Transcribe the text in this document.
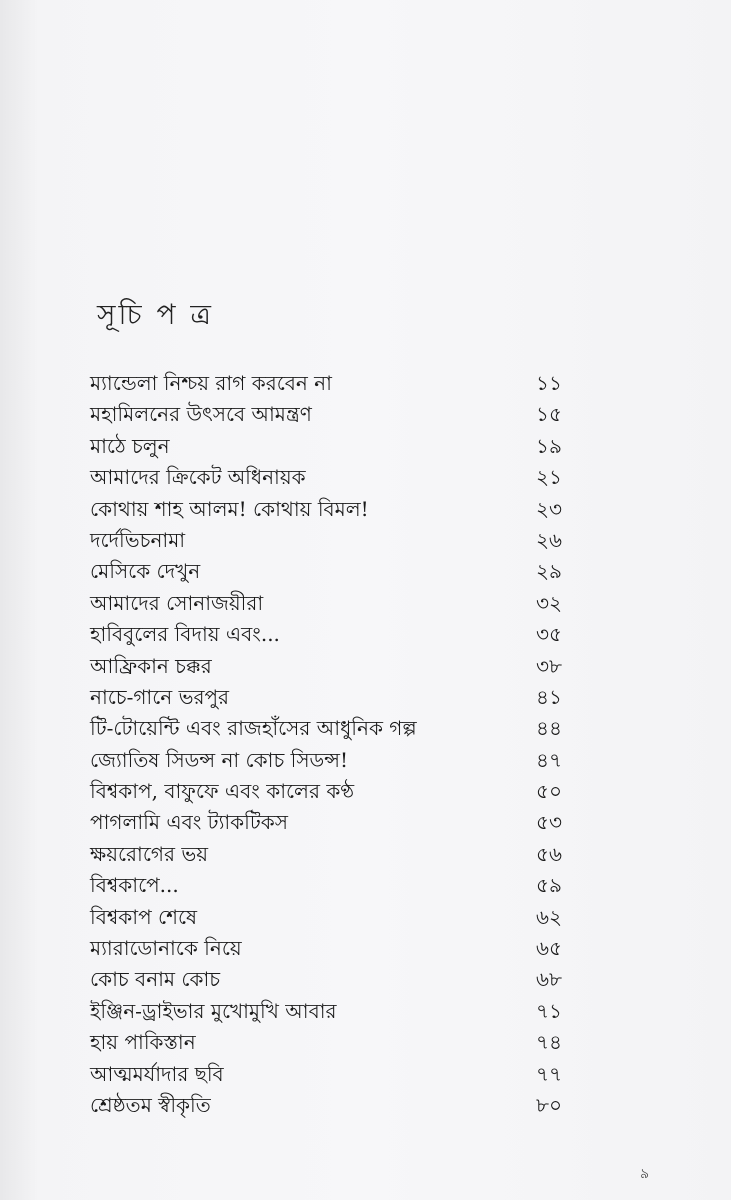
সূচি প ত্র
ম্যান্ডেলা নিশ্চয় রাগ করবেন না	১১
মহামিলনের উৎসবে আমন্ত্রণ	১৫
মাঠে চলুন	১৯
আমাদের ক্রিকেট অধিনায়ক	২১
কোথায় শাহ আলম! কোথায় বিমল!	২৩
দর্দেভিচনামা	২৬
মেসিকে দেখুন	২৯
আমাদের সোনাজয়ীরা	৩২
হাবিবুলের বিদায় এবং...	৩৫
আফ্রিকান চক্কর	৩৮
নাচে-গানে ভরপুর	৪১
টি-টোয়েন্টি এবং রাজহাঁসের আধুনিক গল্প	৪৪
জ্যোতিষ সিডন্স না কোচ সিডন্স!	৪৭
বিশ্বকাপ, বাফুফে এবং কালের কণ্ঠ	৫০
পাগলামি এবং ট্যাকটিকস	৫৩
ক্ষয়রোগের ভয়	৫৬
বিশ্বকাপে...	৫৯
বিশ্বকাপ শেষে	৬২
ম্যারাডোনাকে নিয়ে	৬৫
কোচ বনাম কোচ	৬৮
ইঞ্জিন-ড্রাইভার মুখোমুখি আবার	৭১
হায় পাকিস্তান	৭৪
আত্মমর্যাদার ছবি	৭৭
শ্রেষ্ঠতম স্বীকৃতি	৮০
৯
